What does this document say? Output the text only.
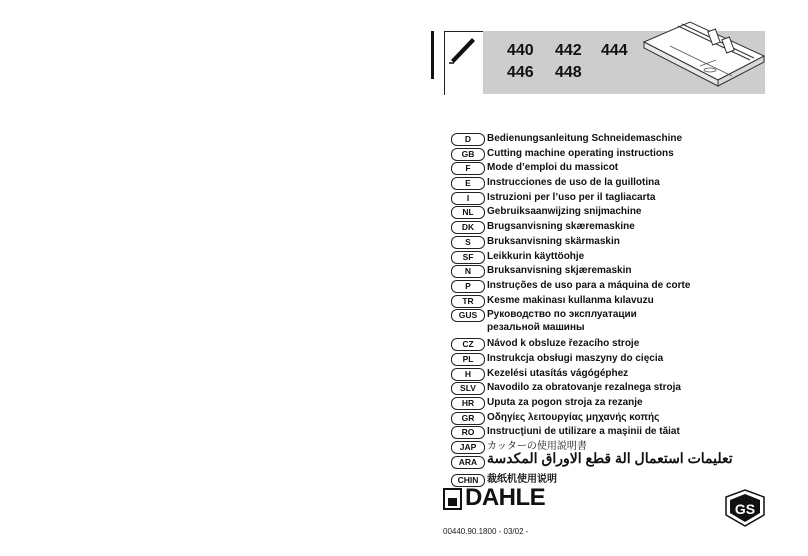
440 442 444
446 448
D	Bedienungsanleitung Schneidemaschine
GB	Cutting machine operating instructions
F	Mode d’emploi du massicot
E	Instrucciones de uso de la guillotina
I	Istruzioni per l’uso per il tagliacarta
NL	Gebruiksaanwijzing snijmachine
DK	Brugsanvisning skæremaskine
S	Bruksanvisning skärmaskin
SF	Leikkurin käyttöohje
N	Bruksanvisning skjæremaskin
P	Instruções de uso para a máquina de corte
TR	Kesme makinası kullanma kılavuzu
GUS Руководство по эксплуатации
резальной машины
CZ	Návod k obsluze řezacího stroje
PL	Instrukcja obsługi maszyny do cięcia
H	Kezelési utasítás vágógéphez
SLV	Navodilo za obratovanje rezalnega stroja
HR	Uputa za pogon stroja za rezanje
GR	Οδηγίες λειτουργίας μηχανής κοπής
RO	Instrucţiuni de utilizare a maşinii de tăiat
JAP	カッターの使用説明書
ARA تعليمات استعمال الة قطع الاوراق المكدسة
CHIN 裁纸机使用说明
DAHLE	GS
00440.90.1800 - 03/02 -
